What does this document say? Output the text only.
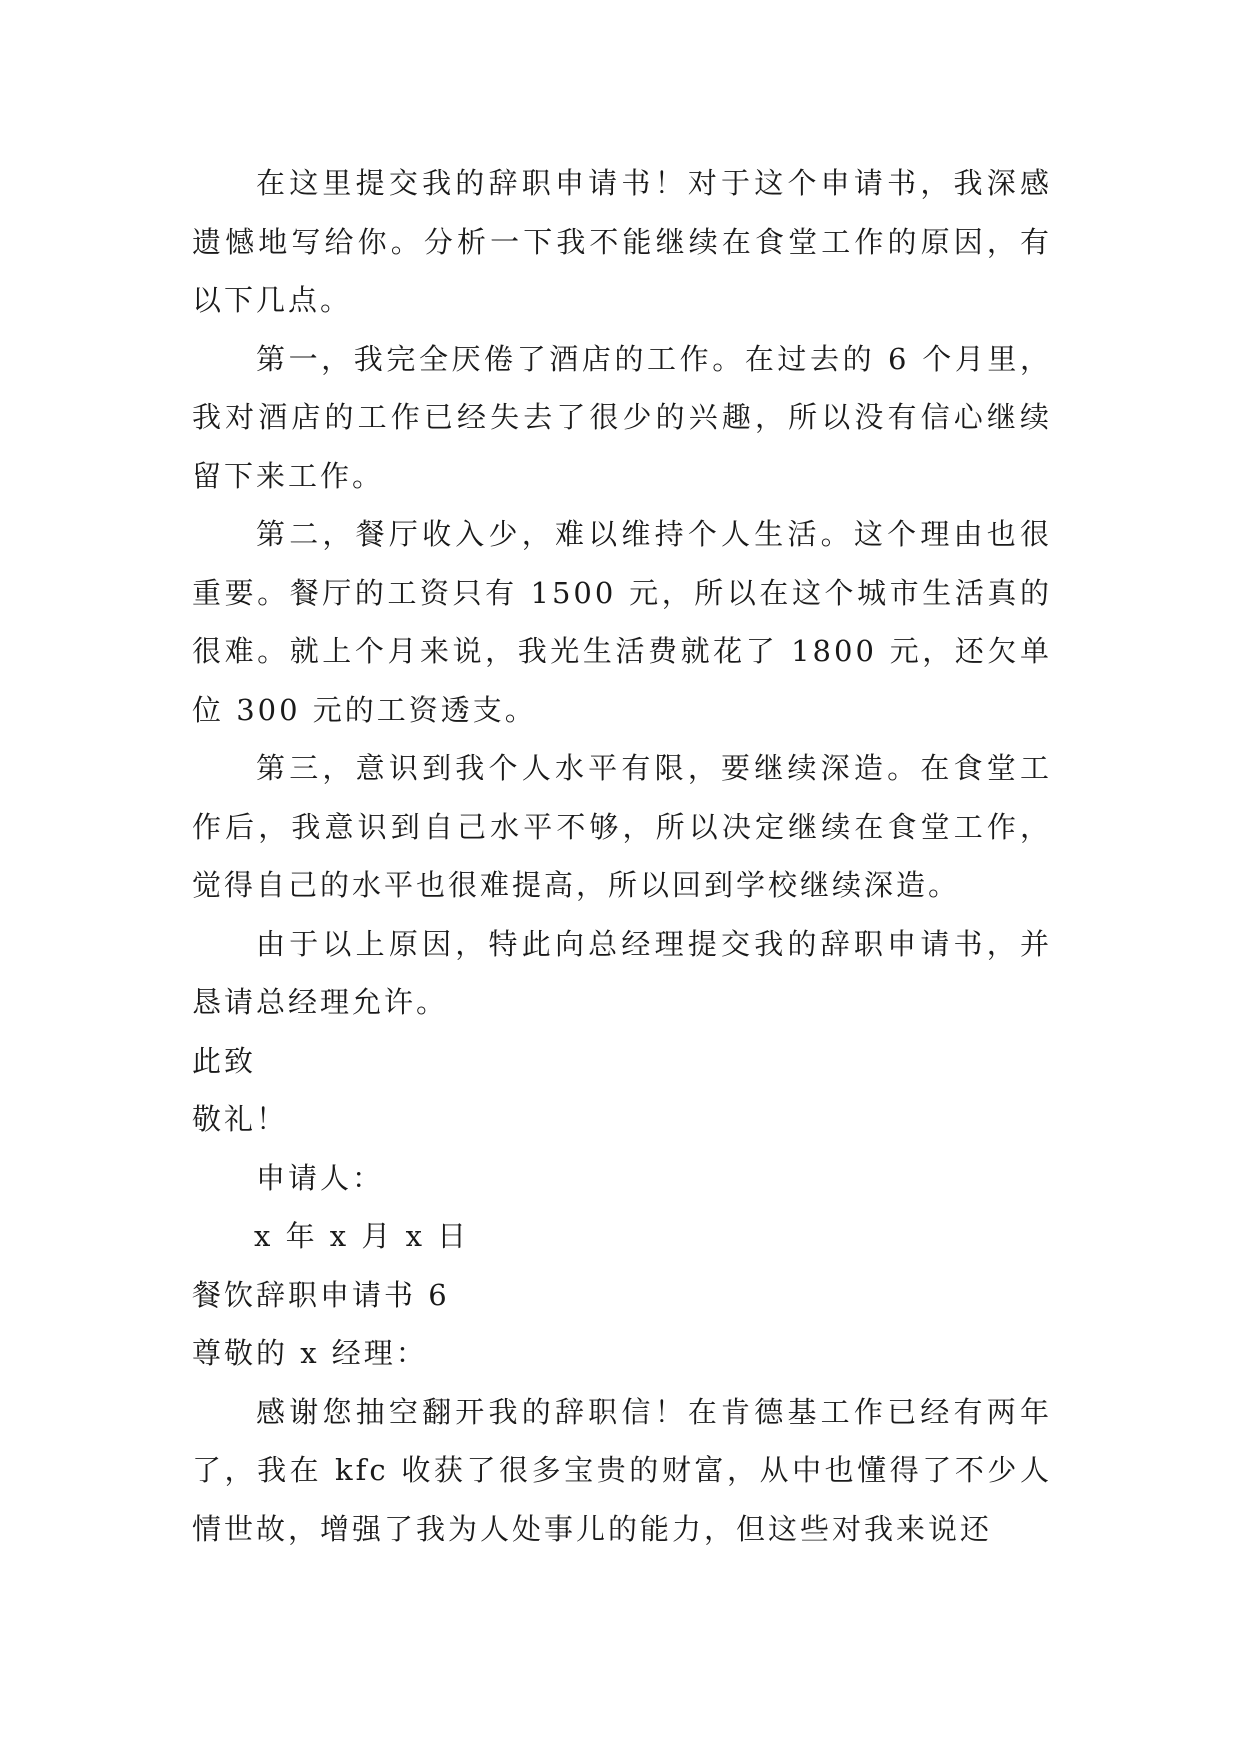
在这里提交我的辞职申请书！对于这个申请书，我深感遗憾地写给你。分析一下我不能继续在食堂工作的原因，有以下几点。

第一，我完全厌倦了酒店的工作。在过去的 6 个月里，我对酒店的工作已经失去了很少的兴趣，所以没有信心继续留下来工作。

第二，餐厅收入少，难以维持个人生活。这个理由也很重要。餐厅的工资只有 1500 元，所以在这个城市生活真的很难。就上个月来说，我光生活费就花了 1800 元，还欠单位 300 元的工资透支。

第三，意识到我个人水平有限，要继续深造。在食堂工作后，我意识到自己水平不够，所以决定继续在食堂工作，觉得自己的水平也很难提高，所以回到学校继续深造。

由于以上原因，特此向总经理提交我的辞职申请书，并恳请总经理允许。

此致

敬礼！

申请人：

x 年 x 月 x 日

餐饮辞职申请书 6

尊敬的 x 经理：

感谢您抽空翻开我的辞职信！在肯德基工作已经有两年了，我在 kfc 收获了很多宝贵的财富，从中也懂得了不少人情世故，增强了我为人处事儿的能力，但这些对我来说还
